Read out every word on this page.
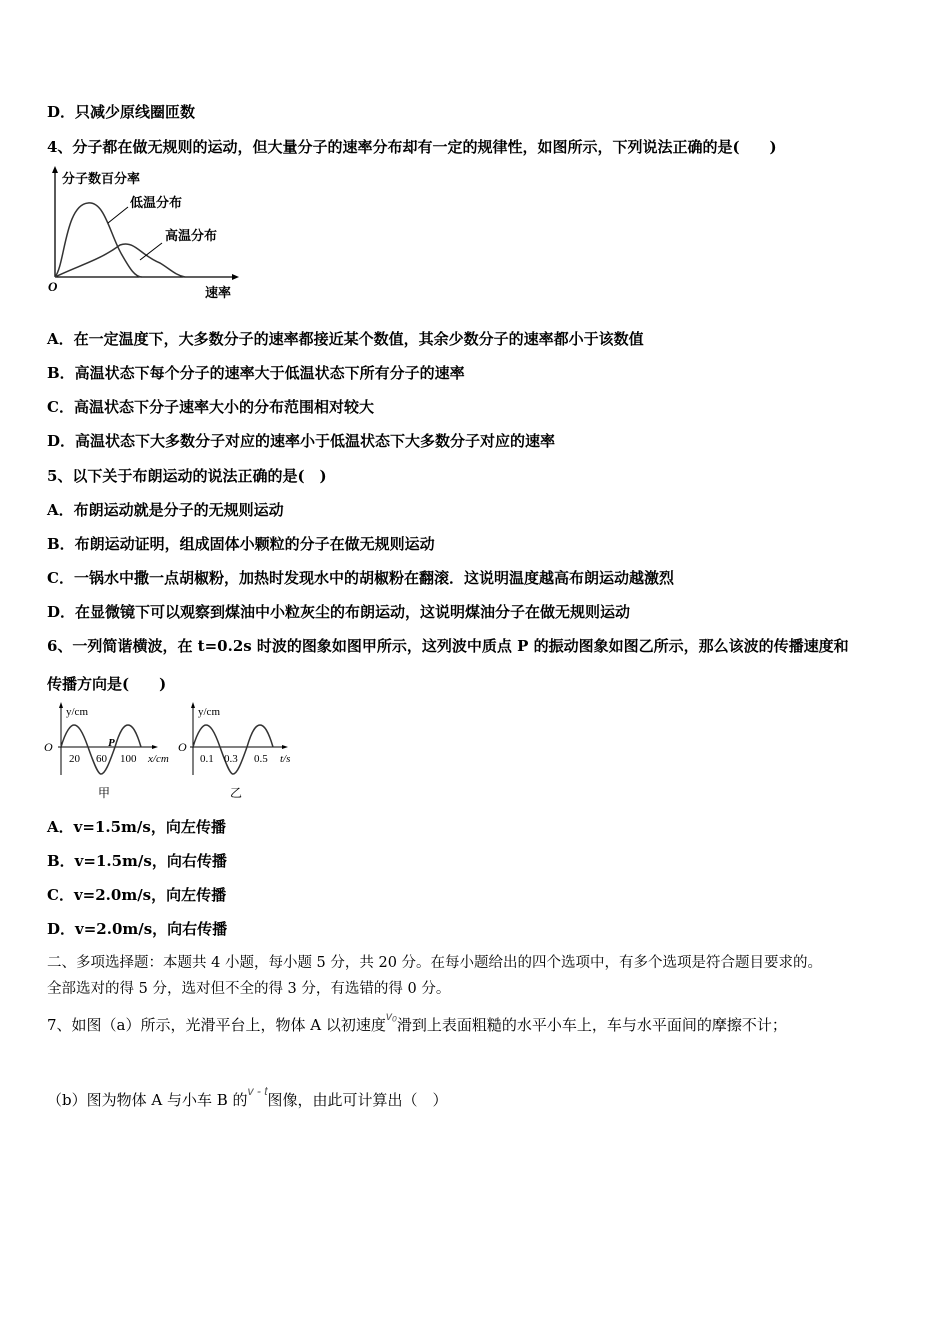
D．只减少原线圈匝数
4、分子都在做无规则的运动，但大量分子的速率分布却有一定的规律性，如图所示，下列说法正确的是(　　)
分子数百分率
低温分布
高温分布
O	速率
A．在一定温度下，大多数分子的速率都接近某个数值，其余少数分子的速率都小于该数值
B．高温状态下每个分子的速率大于低温状态下所有分子的速率
C．高温状态下分子速率大小的分布范围相对较大
D．高温状态下大多数分子对应的速率小于低温状态下大多数分子对应的速率
5、以下关于布朗运动的说法正确的是(　)
A．布朗运动就是分子的无规则运动
B．布朗运动证明，组成固体小颗粒的分子在做无规则运动
C．一锅水中撒一点胡椒粉，加热时发现水中的胡椒粉在翻滚．这说明温度越高布朗运动越激烈
D．在显微镜下可以观察到煤油中小粒灰尘的布朗运动，这说明煤油分子在做无规则运动
6、一列简谐横波，在 t=0.2s 时波的图象如图甲所示，这列波中质点 P 的振动图象如图乙所示，那么该波的传播速度和
传播方向是(　　)
O
y/cm
20 60 100
P
x/cm
甲
O
y/cm
0.1 0.3 0.5 t/s
乙
A．v=1.5m/s，向左传播
B．v=1.5m/s，向右传播
C．v=2.0m/s，向左传播
D．v=2.0m/s，向右传播
二、多项选择题：本题共 4 小题，每小题 5 分，共 20 分。在每小题给出的四个选项中，有多个选项是符合题目要求的。
全部选对的得 5 分，选对但不全的得 3 分，有选错的得 0 分。
7、如图（a）所示，光滑平台上，物体 A 以初速度$^{v_0}$滑到上表面粗糙的水平小车上，车与水平面间的摩擦不计；
（b）图为物体 A 与小车 B 的$^{v - t}$图像，由此可计算出（　）
